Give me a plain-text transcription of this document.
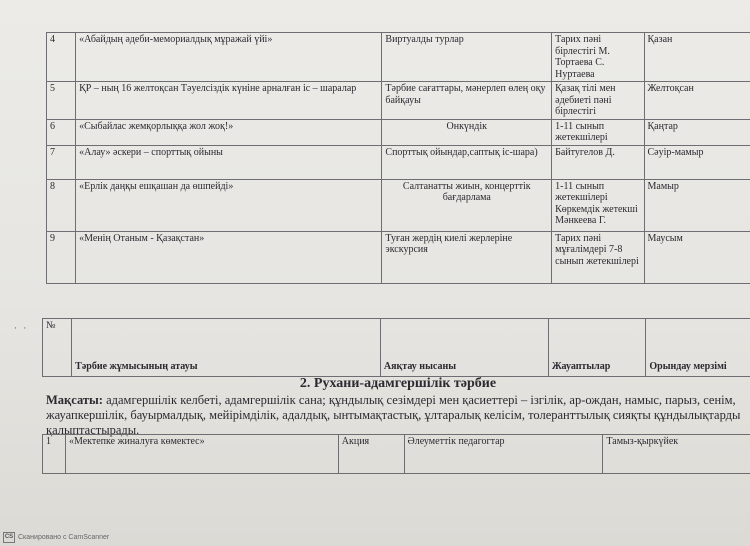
4	«Абайдың әдеби-мемориалдық мұражай үйі»	Виртуалды турлар	Тарих пәні бірлестігі М. Тортаева С. Нуртаева	Қазан
5	ҚР – ның 16 желтоқсан Тәуелсіздік күніне арналған іс – шаралар	Тәрбие сағаттары, мәнерлеп өлең оқу байқауы	Қазақ тілі мен әдебиеті пәні бірлестігі	Желтоқсан
6	«Сыбайлас жемқорлыққа жол жоқ!»	Онкүндік	1-11 сынып жетекшілері	Қаңтар
7	«Алау» әскери – спорттық ойыны	Спорттық ойындар,саптық іс-шара)	Байтугелов Д.	Сәуір-мамыр
8	«Ерлік даңқы ешқашан да өшпейді»	Салтанатты жиын, концерттік бағдарлама	1-11 сынып жетекшілері Көркемдік жетекші Мәнкеева Г.	Мамыр
9	«Менің Отаным - Қазақстан»	Туған жердің киелі жерлеріне экскурсия	Тарих пәні мұғалімдері 7-8 сынып жетекшілері	Маусым
· · №	Тәрбие жұмысының атауы	Аяқтау нысаны	Жауаптылар	Орындау мерзімі
2. Рухани-адамгершілік тәрбие
Мақсаты: адамгершілік келбеті, адамгершілік сана; құндылық сезімдері мен қасиеттері – ізгілік, ар-ождан, намыс, парыз, сенім, жауапкершілік, бауырмалдық, мейірімділік, адалдық, ынтымақтастық, ұлтаралық келісім, толеранттылық сияқты құндылықтарды қалыптастырады.
1	«Мектепке жиналуға көмектес»	Акция	Әлеуметтік педагогтар	Тамыз-қыркүйек
CS Сканировано с CamScanner
